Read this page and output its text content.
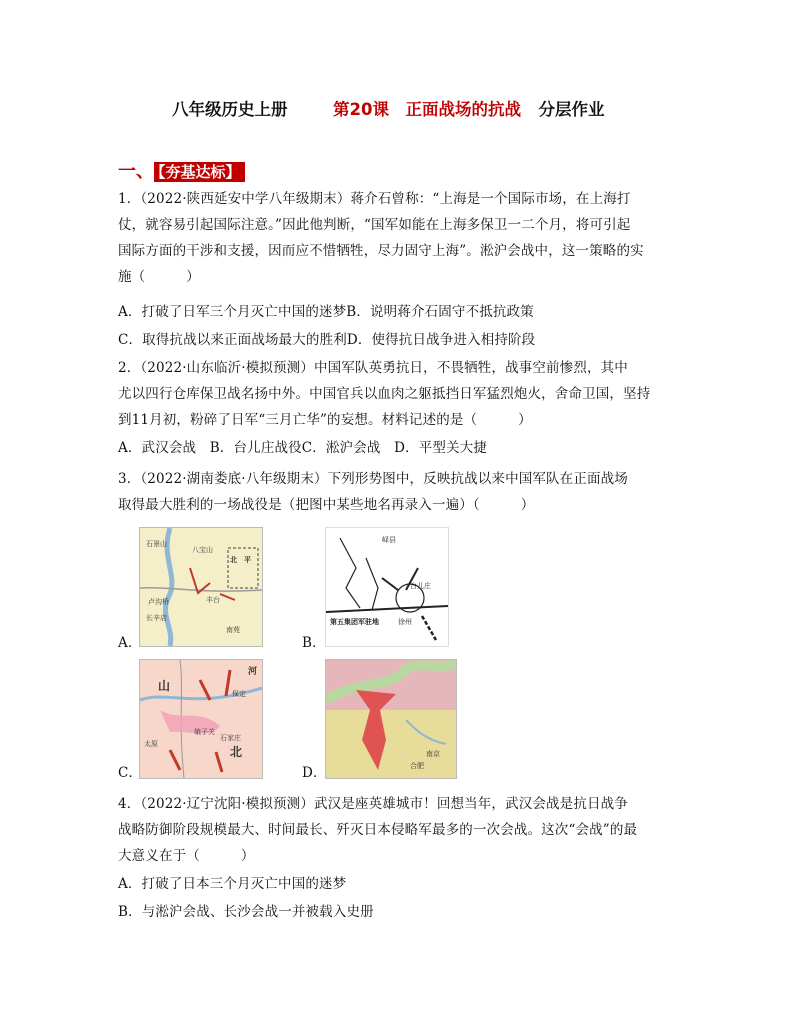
八年级历史上册	第20课　正面战场的抗战 分层作业
一、 【夯基达标】
1．（2022·陕西延安中学八年级期末）蒋介石曾称：“上海是一个国际市场，在上海打
仗，就容易引起国际注意。”因此他判断，“国军如能在上海多保卫一二个月，将可引起
国际方面的干涉和支援，因而应不惜牺牲，尽力固守上海”。淞沪会战中，这一策略的实
施（　　　）
A．打破了日军三个月灭亡中国的迷梦B．说明蒋介石固守不抵抗政策
C．取得抗战以来正面战场最大的胜利D．使得抗日战争进入相持阶段
2．（2022·山东临沂·模拟预测）中国军队英勇抗日，不畏牺牲，战事空前惨烈，其中
尤以四行仓库保卫战名扬中外。中国官兵以血肉之躯抵挡日军猛烈炮火，舍命卫国，坚持
到11月初，粉碎了日军“三月亡华”的妄想。材料记述的是（　　　）
A．武汉会战　B．台儿庄战役C．淞沪会战　D．平型关大捷
3．（2022·湖南娄底·八年级期末）下列形势图中，反映抗战以来中国军队在正面战场
取得最大胜利的一场战役是（把图中某些地名再录入一遍）（　　　）
石景山
八宝山
北　平
卢沟桥
长辛店
丰台
南苑
A．
峄县
台儿庄
第五集团军驻地	徐州
B．
山
北
河
保定
石家庄
娘子关
太原
C．	合肥
南京
D．
4．（2022·辽宁沈阳·模拟预测）武汉是座英雄城市！回想当年，武汉会战是抗日战争
战略防御阶段规模最大、时间最长、歼灭日本侵略军最多的一次会战。这次“会战”的最
大意义在于（　　　）
A．打破了日本三个月灭亡中国的迷梦
B．与淞沪会战、长沙会战一并被载入史册
